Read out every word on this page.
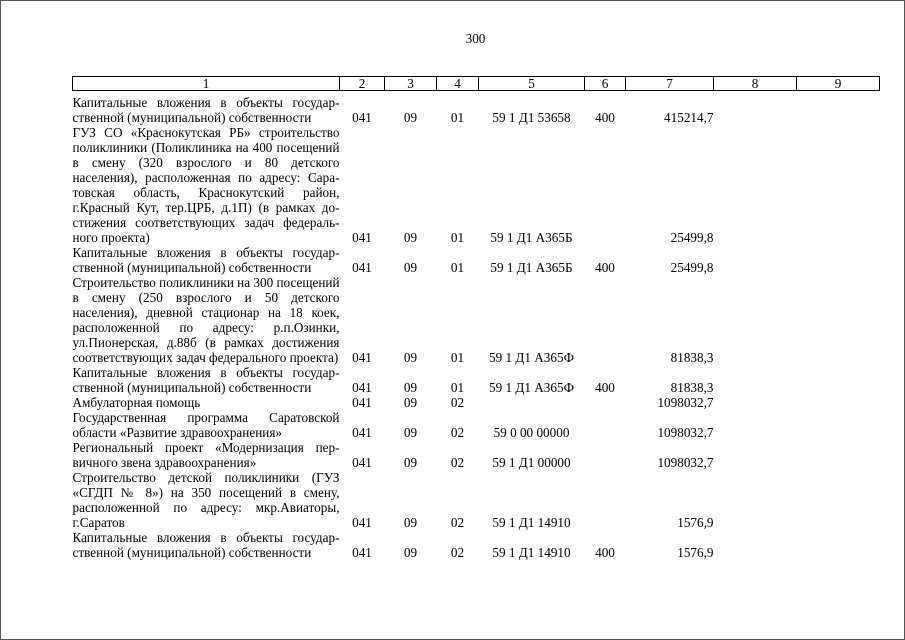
300
1	2	3	4	5	6	7	8	9
Капитальные вложения в объекты государственной (муниципальной) собственности	041	09	01	59 1 Д1 53658	400	415214,7		
ГУЗ СО «Краснокутская РБ» строительство поликлиники (Поликлиника на 400 посещений в смену (320 взрослого и 80 детского населения), расположенная по адресу: Саратовская область, Краснокутский район, г.Красный Кут, тер.ЦРБ, д.1П) (в рамках достижения соответствующих задач федерального проекта)	041	09	01	59 1 Д1 А365Б		25499,8		
Капитальные вложения в объекты государственной (муниципальной) собственности	041	09	01	59 1 Д1 А365Б	400	25499,8		
Строительство поликлиники на 300 посещений в смену (250 взрослого и 50 детского населения), дневной стационар на 18 коек, расположенной по адресу: р.п.Озинки, ул.Пионерская, д.88б (в рамках достижения соответствующих задач федерального проекта)	041	09	01	59 1 Д1 А365Ф		81838,3		
Капитальные вложения в объекты государственной (муниципальной) собственности	041	09	01	59 1 Д1 А365Ф	400	81838,3		
Амбулаторная помощь	041	09	02			1098032,7		
Государственная программа Саратовской области «Развитие здравоохранения»	041	09	02	59 0 00 00000		1098032,7		
Региональный проект «Модернизация первичного звена здравоохранения»	041	09	02	59 1 Д1 00000		1098032,7		
Строительство детской поликлиники (ГУЗ «СГДП № 8») на 350 посещений в смену, расположенной по адресу: мкр.Авиаторы, г.Саратов	041	09	02	59 1 Д1 14910		1576,9		
Капитальные вложения в объекты государственной (муниципальной) собственности	041	09	02	59 1 Д1 14910	400	1576,9		
